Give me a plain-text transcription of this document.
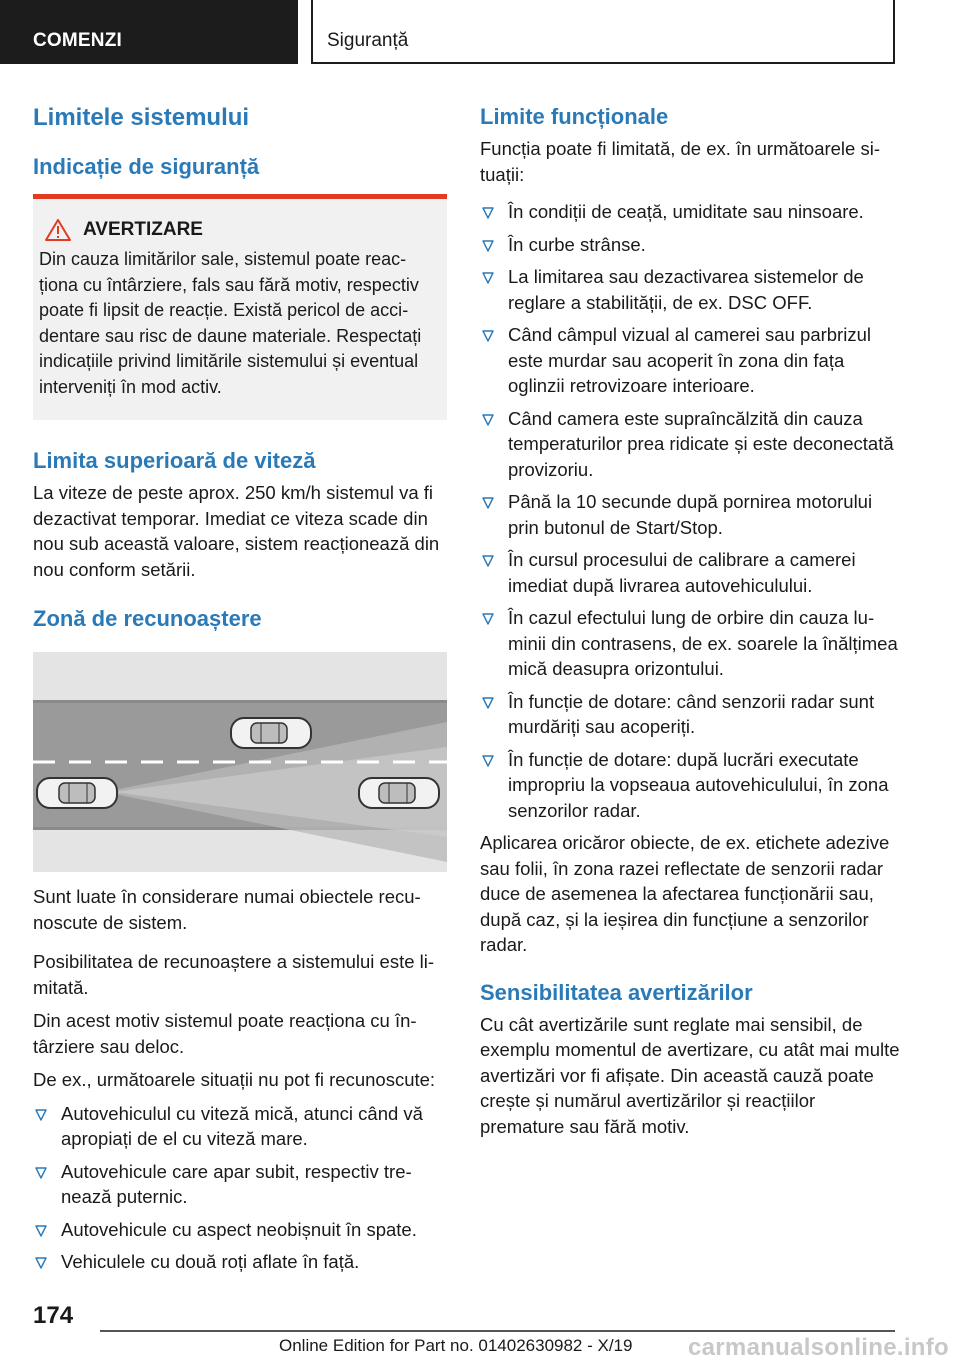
COMENZI	Siguranță
Limitele sistemului
Indicație de siguranță
AVERTIZARE

Din cauza limitărilor sale, sistemul poate reacționa cu întârziere, fals sau fără motiv, respectiv poate fi lipsit de reacție. Există pericol de accidentare sau risc de daune materiale. Respectați indicațiile privind limitările sistemului și eventual interveniți în mod activ.

Limita superioară de viteză

La viteze de peste aprox. 250 km/h sistemul va fi dezactivat temporar. Imediat ce viteza scade din nou sub această valoare, sistem reacționează din nou conform setării.

Zonă de recunoaștere

Sunt luate în considerare numai obiectele recunoscute de sistem.

Posibilitatea de recunoaștere a sistemului este limitată.

Din acest motiv sistemul poate reacționa cu întârziere sau deloc.

De ex., următoarele situații nu pot fi recunoscute:

Autovehiculul cu viteză mică, atunci când vă apropiați de el cu viteză mare.
Autovehicule care apar subit, respectiv trenează puternic.
Autovehicule cu aspect neobișnuit în spate.
Vehiculele cu două roți aflate în față.
Limite funcționale

Funcția poate fi limitată, de ex. în următoarele situații:

În condiții de ceață, umiditate sau ninsoare.
În curbe strânse.
La limitarea sau dezactivarea sistemelor de reglare a stabilității, de ex. DSC OFF.
Când câmpul vizual al camerei sau parbrizul este murdar sau acoperit în zona din fața oglinzii retrovizoare interioare.
Când camera este supraîncălzită din cauza temperaturilor prea ridicate și este deconectată provizoriu.
Până la 10 secunde după pornirea motorului prin butonul de Start/Stop.
În cursul procesului de calibrare a camerei imediat după livrarea autovehiculului.
În cazul efectului lung de orbire din cauza luminii din contrasens, de ex. soarele la înălțimea mică deasupra orizontului.
În funcție de dotare: când senzorii radar sunt murdăriți sau acoperiți.
În funcție de dotare: după lucrări executate impropriu la vopseaua autovehiculului, în zona senzorilor radar.

Aplicarea oricăror obiecte, de ex. etichete adezive sau folii, în zona razei reflectate de senzorii radar duce de asemenea la afectarea funcționării sau, după caz, și la ieșirea din funcțiune a senzorilor radar.

Sensibilitatea avertizărilor

Cu cât avertizările sunt reglate mai sensibil, de exemplu momentul de avertizare, cu atât mai multe avertizări vor fi afișate. Din această cauză poate crește și numărul avertizărilor și reacțiilor premature sau fără motiv.

174
Online Edition for Part no. 01402630982 - X/19 carmanualsonline.info
